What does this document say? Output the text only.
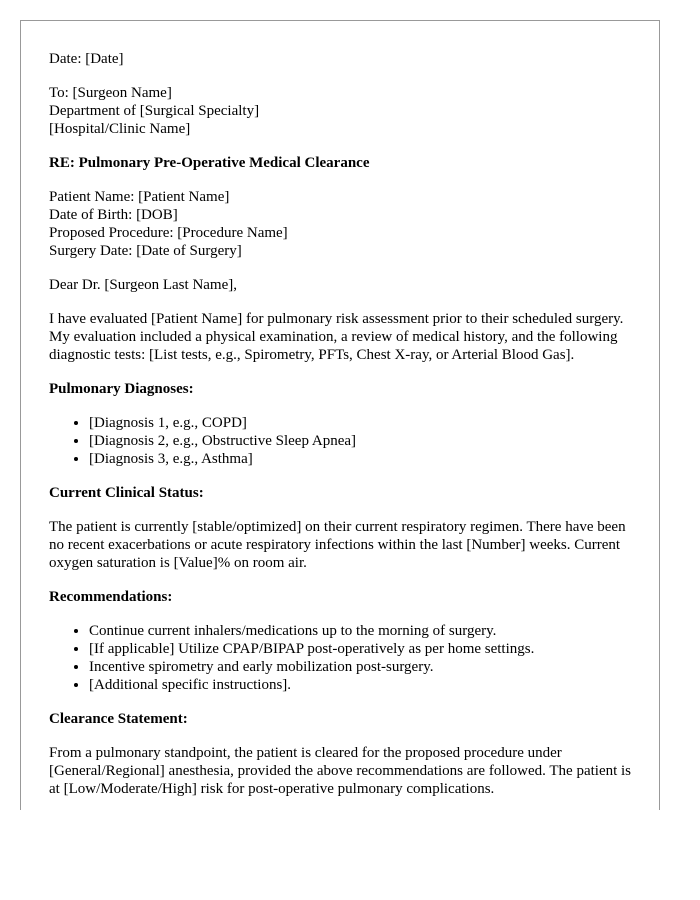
Date: [Date]

To: [Surgeon Name]
Department of [Surgical Specialty]
[Hospital/Clinic Name]

RE: Pulmonary Pre-Operative Medical Clearance

Patient Name: [Patient Name]
Date of Birth: [DOB]
Proposed Procedure: [Procedure Name]
Surgery Date: [Date of Surgery]

Dear Dr. [Surgeon Last Name],

I have evaluated [Patient Name] for pulmonary risk assessment prior to their scheduled surgery. My evaluation included a physical examination, a review of medical history, and the following diagnostic tests: [List tests, e.g., Spirometry, PFTs, Chest X-ray, or Arterial Blood Gas].

Pulmonary Diagnoses:

• [Diagnosis 1, e.g., COPD]
• [Diagnosis 2, e.g., Obstructive Sleep Apnea]
• [Diagnosis 3, e.g., Asthma]

Current Clinical Status:

The patient is currently [stable/optimized] on their current respiratory regimen. There have been no recent exacerbations or acute respiratory infections within the last [Number] weeks. Current oxygen saturation is [Value]% on room air.

Recommendations:

• Continue current inhalers/medications up to the morning of surgery.
• [If applicable] Utilize CPAP/BIPAP post-operatively as per home settings.
• Incentive spirometry and early mobilization post-surgery.
• [Additional specific instructions].

Clearance Statement:

From a pulmonary standpoint, the patient is cleared for the proposed procedure under [General/Regional] anesthesia, provided the above recommendations are followed. The patient is at [Low/Moderate/High] risk for post-operative pulmonary complications.
